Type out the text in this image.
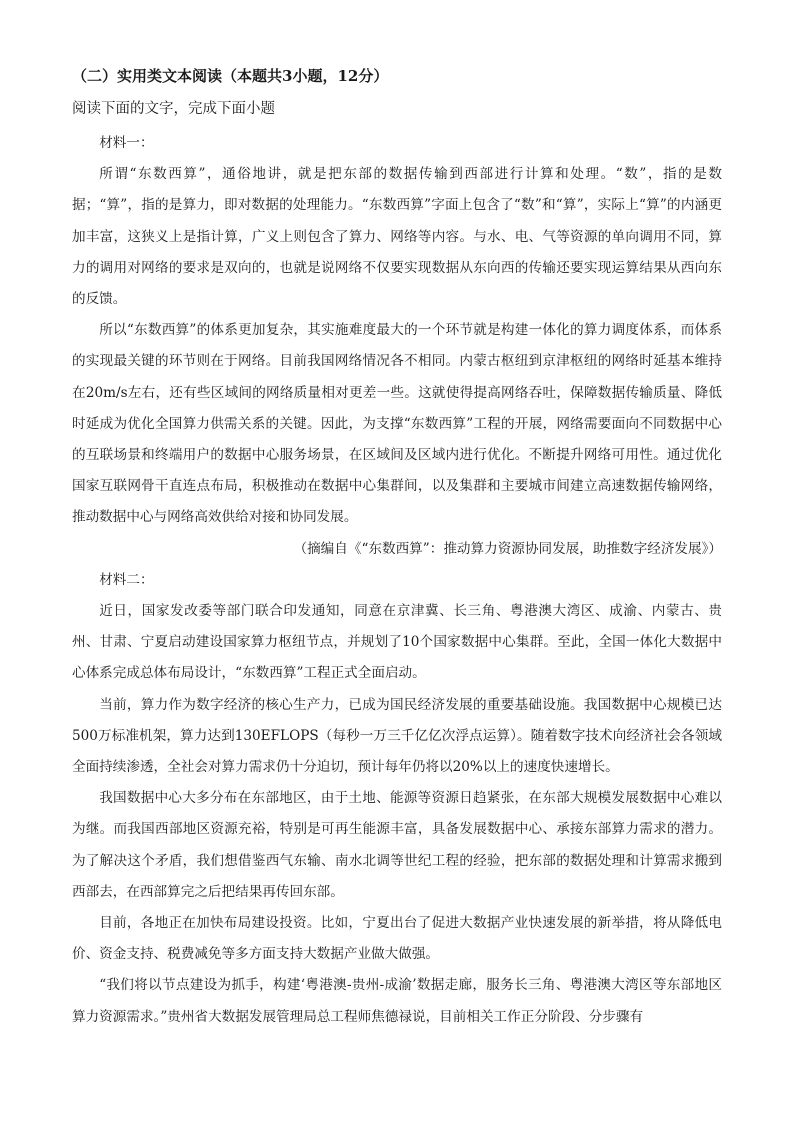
（二）实用类文本阅读（本题共3小题，12分）
阅读下面的文字，完成下面小题

材料一：

所谓“东数西算”，通俗地讲，就是把东部的数据传输到西部进行计算和处理。“数”，指的是数据；“算”，指的是算力，即对数据的处理能力。“东数西算”字面上包含了“数”和“算”，实际上“算”的内涵更加丰富，这狭义上是指计算，广义上则包含了算力、网络等内容。与水、电、气等资源的单向调用不同，算力的调用对网络的要求是双向的，也就是说网络不仅要实现数据从东向西的传输还要实现运算结果从西向东的反馈。

所以“东数西算”的体系更加复杂，其实施难度最大的一个环节就是构建一体化的算力调度体系，而体系的实现最关键的环节则在于网络。目前我国网络情况各不相同。内蒙古枢纽到京津枢纽的网络时延基本维持在20m/s左右，还有些区域间的网络质量相对更差一些。这就使得提高网络吞吐，保障数据传输质量、降低时延成为优化全国算力供需关系的关键。因此，为支撑“东数西算”工程的开展，网络需要面向不同数据中心的互联场景和终端用户的数据中心服务场景，在区域间及区域内进行优化。不断提升网络可用性。通过优化国家互联网骨干直连点布局，积极推动在数据中心集群间，以及集群和主要城市间建立高速数据传输网络，推动数据中心与网络高效供给对接和协同发展。

（摘编自《“东数西算”：推动算力资源协同发展，助推数字经济发展》）

材料二：

近日，国家发改委等部门联合印发通知，同意在京津冀、长三角、粤港澳大湾区、成渝、内蒙古、贵州、甘肃、宁夏启动建设国家算力枢纽节点，并规划了10个国家数据中心集群。至此，全国一体化大数据中心体系完成总体布局设计，“东数西算”工程正式全面启动。

当前，算力作为数字经济的核心生产力，已成为国民经济发展的重要基础设施。我国数据中心规模已达500万标准机架，算力达到130EFLOPS（每秒一万三千亿亿次浮点运算）。随着数字技术向经济社会各领域全面持续渗透，全社会对算力需求仍十分迫切，预计每年仍将以20%以上的速度快速增长。

我国数据中心大多分布在东部地区，由于土地、能源等资源日趋紧张，在东部大规模发展数据中心难以为继。而我国西部地区资源充裕，特别是可再生能源丰富，具备发展数据中心、承接东部算力需求的潜力。为了解决这个矛盾，我们想借鉴西气东输、南水北调等世纪工程的经验，把东部的数据处理和计算需求搬到西部去，在西部算完之后把结果再传回东部。

目前，各地正在加快布局建设投资。比如，宁夏出台了促进大数据产业快速发展的新举措，将从降低电价、资金支持、税费减免等多方面支持大数据产业做大做强。

“我们将以节点建设为抓手，构建‘粤港澳-贵州-成渝’数据走廊，服务长三角、粤港澳大湾区等东部地区算力资源需求。”贵州省大数据发展管理局总工程师焦德禄说，目前相关工作正分阶段、分步骤有
